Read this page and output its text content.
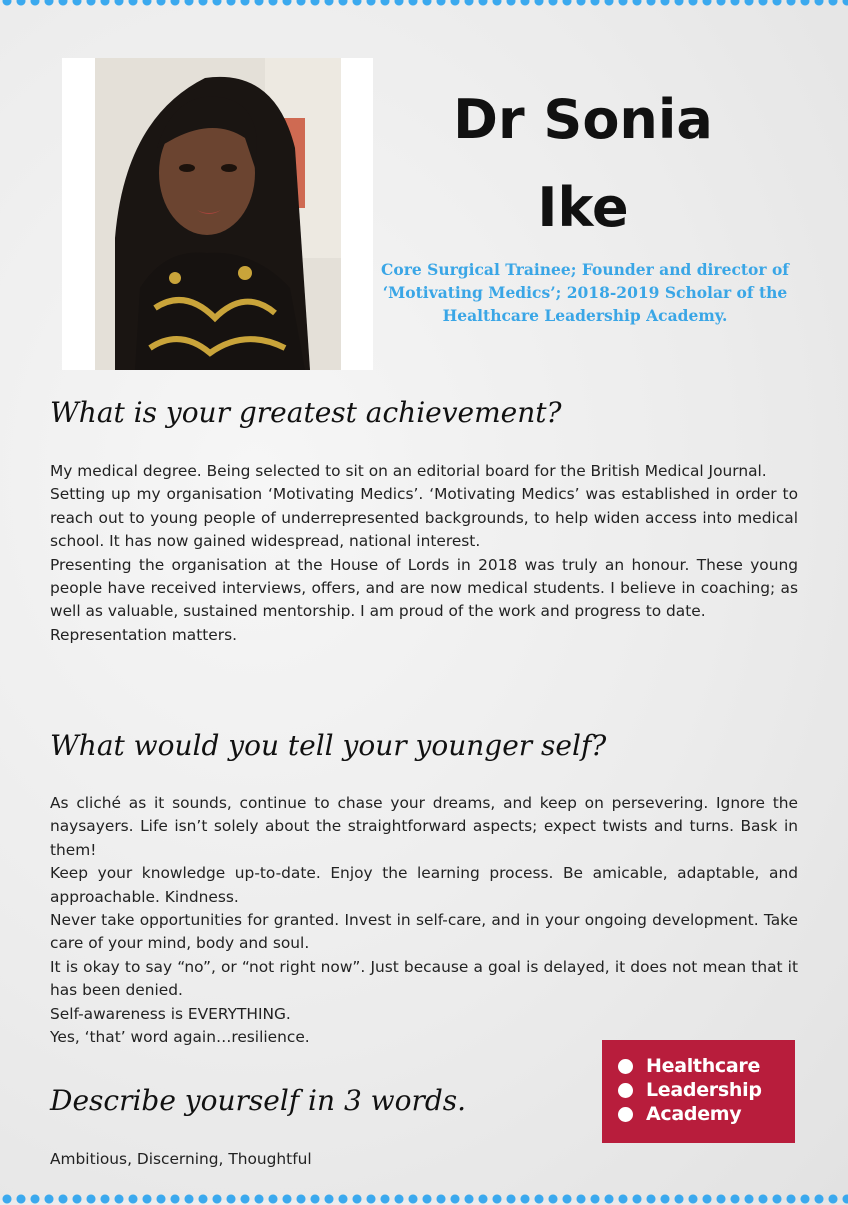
Dr Sonia
Ike
Core Surgical Trainee; Founder and director of ‘Motivating Medics’; 2018-2019 Scholar of the Healthcare Leadership Academy.
What is your greatest achievement?

My medical degree. Being selected to sit on an editorial board for the British Medical Journal.

Setting up my organisation ‘Motivating Medics’. ‘Motivating Medics’ was established in order to reach out to young people of underrepresented backgrounds, to help widen access into medical school. It has now gained widespread, national interest.

Presenting the organisation at the House of Lords in 2018 was truly an honour. These young people have received interviews, offers, and are now medical students. I believe in coaching; as well as valuable, sustained mentorship. I am proud of the work and progress to date.

Representation matters.

What would you tell your younger self?

As cliché as it sounds, continue to chase your dreams, and keep on persevering. Ignore the naysayers. Life isn’t solely about the straightforward aspects; expect twists and turns. Bask in them!

Keep your knowledge up-to-date. Enjoy the learning process. Be amicable, adaptable, and approachable. Kindness.

Never take opportunities for granted. Invest in self-care, and in your ongoing development. Take care of your mind, body and soul.

It is okay to say “no”, or “not right now”. Just because a goal is delayed, it does not mean that it has been denied.

Self-awareness is EVERYTHING.

Yes, ‘that’ word again…resilience.

Describe yourself in 3 words.

Ambitious, Discerning, Thoughtful

Healthcare
Leadership
Academy
